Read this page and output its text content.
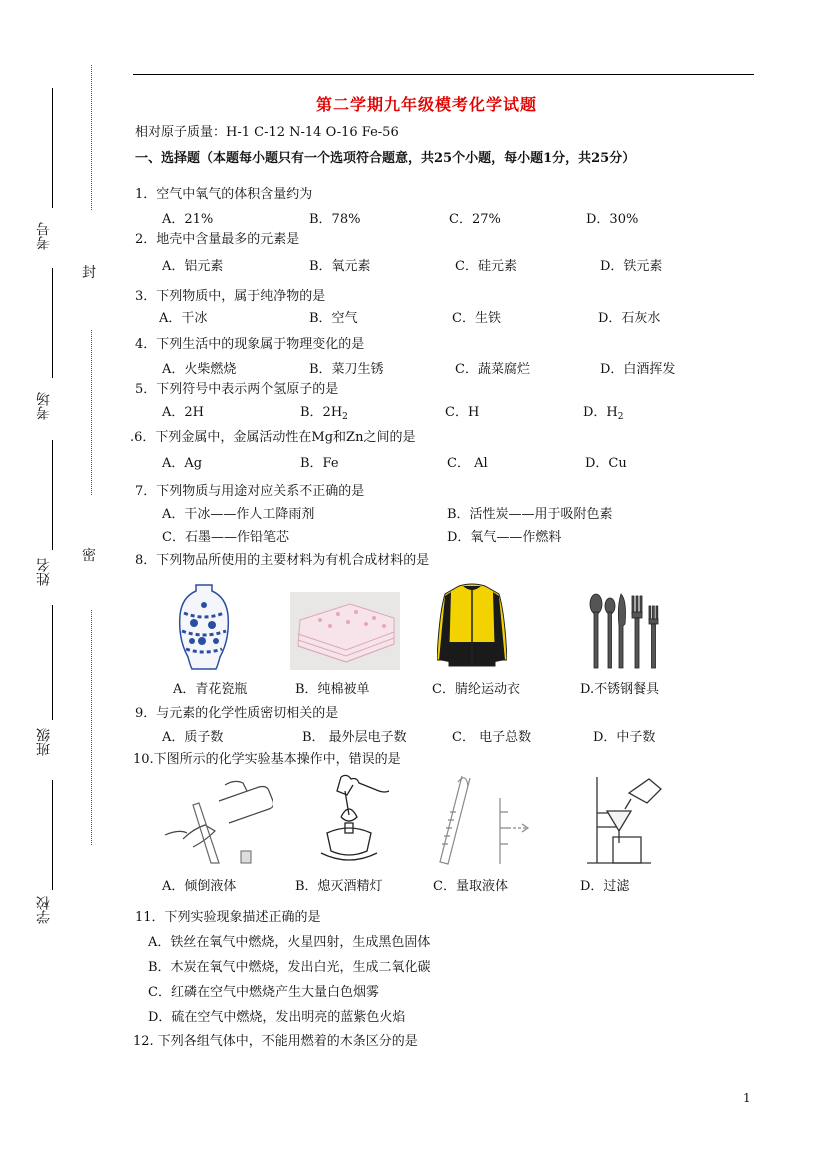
考号
考场
姓名
班级
学校
封
密
第二学期九年级模考化学试题
相对原子质量：H-1 C-12 N-14 O-16 Fe-56
一、选择题（本题每小题只有一个选项符合题意，共25个小题，每小题1分，共25分）
1．空气中氧气的体积含量约为
A．21%	B．78%	C．27%	D．30%
2．地壳中含量最多的元素是
A．铝元素	B．氧元素	C．硅元素	D．铁元素
3．下列物质中，属于纯净物的是
A．干冰	B．空气	C．生铁	D．石灰水
4．下列生活中的现象属于物理变化的是
A．火柴燃烧	B．菜刀生锈	C．蔬菜腐烂	D．白酒挥发
5．下列符号中表示两个氢原子的是
A．2H	B．$2H_2$	C．H	D．$H_2$
.6．下列金属中，金属活动性在Mg和Zn之间的是
A．Ag	B．Fe	C． Al	D．Cu
7．下列物质与用途对应关系不正确的是
A．干冰——作人工降雨剂	B．活性炭——用于吸附色素
C．石墨——作铅笔芯	D．氧气——作燃料
8．下列物品所使用的主要材料为有机合成材料的是
A．青花瓷瓶	B．纯棉被单	C．腈纶运动衣	D.不锈钢餐具
9．与元素的化学性质密切相关的是
A．质子数	B． 最外层电子数	C． 电子总数	D．中子数
10.下图所示的化学实验基本操作中，错误的是
A．倾倒液体	B．熄灭酒精灯	C．量取液体	D．过滤
11．下列实验现象描述正确的是
A．铁丝在氧气中燃烧，火星四射，生成黑色固体
B．木炭在氧气中燃烧，发出白光，生成二氧化碳
C．红磷在空气中燃烧产生大量白色烟雾
D．硫在空气中燃烧，发出明亮的蓝紫色火焰
12. 下列各组气体中，不能用燃着的木条区分的是
1
